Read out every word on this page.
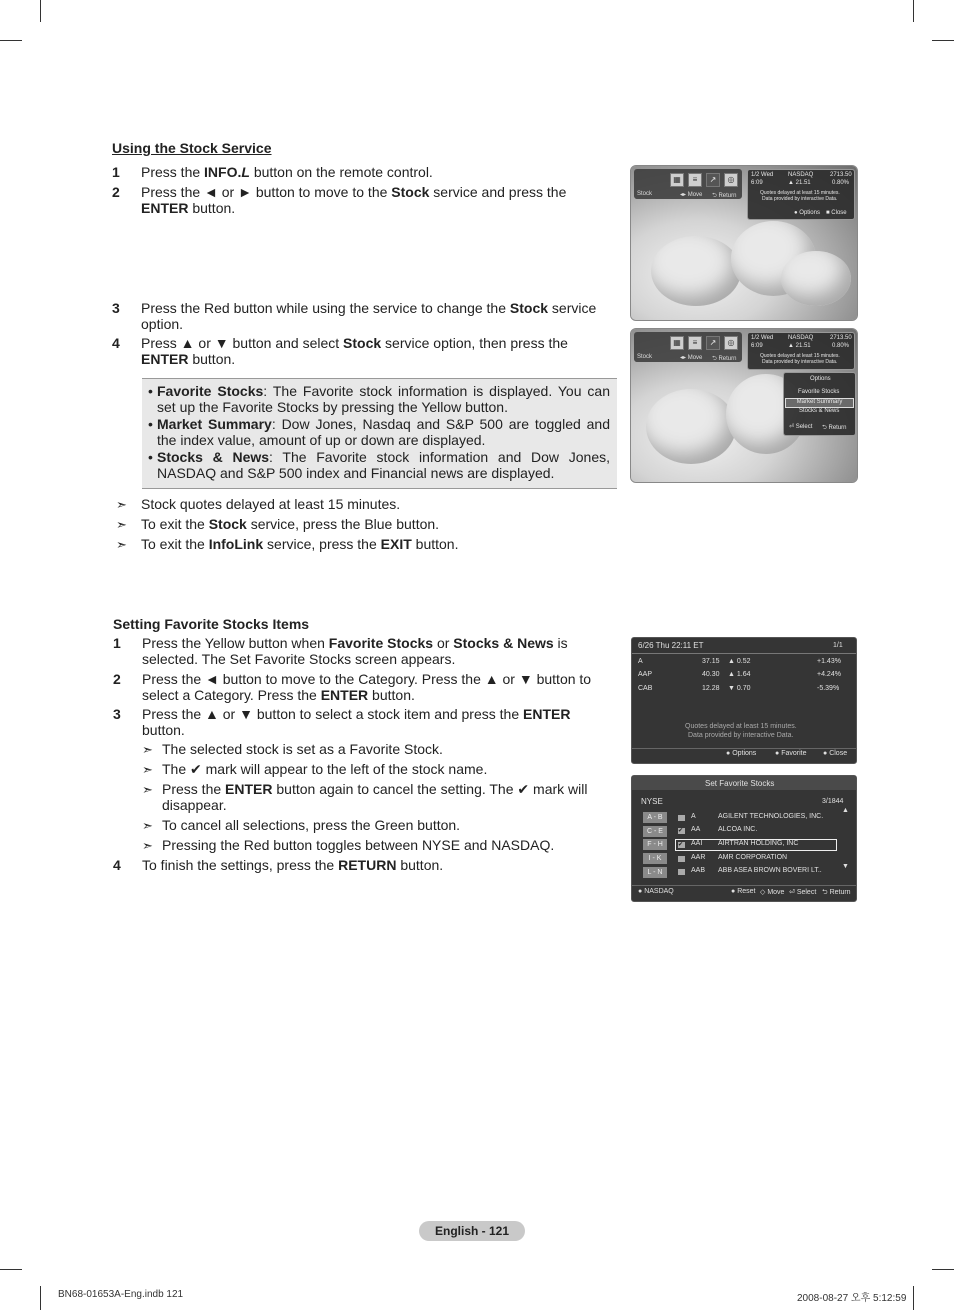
Using the Stock Service
1 Press the INFO.L button on the remote control.
2 Press the ◄ or ► button to move to the Stock service and press the ENTER button.
3 Press the Red button while using the service to change the Stock service option.
4 Press ▲ or ▼ button and select Stock service option, then press the ENTER button.
• Favorite Stocks: The Favorite stock information is displayed. You can set up the Favorite Stocks by pressing the Yellow button.
• Market Summary: Dow Jones, Nasdaq and S&P 500 are toggled and the index value, amount of up or down are displayed.
• Stocks & News: The Favorite stock information and Dow Jones, NASDAQ and S&P 500 index and Financial news are displayed.
➣ Stock quotes delayed at least 15 minutes.
➣ To exit the Stock service, press the Blue button.
➣ To exit the InfoLink service, press the EXIT button.
▦	≡	↗	◎
Stock	◂▸ Move ⮌ Return
1/2 Wed NASDAQ	2713.50
6:09	▲ 21.51	0.80%
Quotes delayed at least 15 minutes.
Data provided by interactive Data.
● Options ■ Close
▦	≡	↗	◎
Stock	◂▸ Move ⮌ Return
1/2 Wed NASDAQ	2713.50
6:09	▲ 21.51	0.80%
Quotes delayed at least 15 minutes.
Data provided by interactive Data.
Options
Favorite Stocks
Market Summary
Stocks & News
⏎ Select ⮌ Return
Setting Favorite Stocks Items
1 Press the Yellow button when Favorite Stocks or Stocks & News is selected. The Set Favorite Stocks screen appears.
2 Press the ◄ button to move to the Category. Press the ▲ or ▼ button to select a Category. Press the ENTER button.
3 Press the ▲ or ▼ button to select a stock item and press the ENTER button.
➣ The selected stock is set as a Favorite Stock.
➣ The ✔ mark will appear to the left of the stock name.
➣ Press the ENTER button again to cancel the setting. The ✔ mark will disappear.
➣ To cancel all selections, press the Green button.
➣ Pressing the Red button toggles between NYSE and NASDAQ.
4 To finish the settings, press the RETURN button.
6/26 Thu 22:11 ET	1/1
A	37.15 ▲ 0.52	+1.43%
AAP	40.30 ▲ 1.64	+4.24%
CAB	12.28 ▼ 0.70	-5.39%
Quotes delayed at least 15 minutes.
Data provided by interactive Data.
● Options	● Favorite ● Close
Set Favorite Stocks
NYSE	3/1844
▲
▼
A - B
C - E
F - H
I - K
L - N
A	AGILENT TECHNOLOGIES, INC.
✔ AA	ALCOA INC.
✔ AAI AIRTRAN HOLDING, INC
AAR AMR CORPORATION
AAB ABB ASEA BROWN BOVERI LT..
● NASDAQ	● Reset ◇ Move ⏎ Select ⮌ Return
English - 121
BN68-01653A-Eng.indb 121	2008-08-27 오후 5:12:59
